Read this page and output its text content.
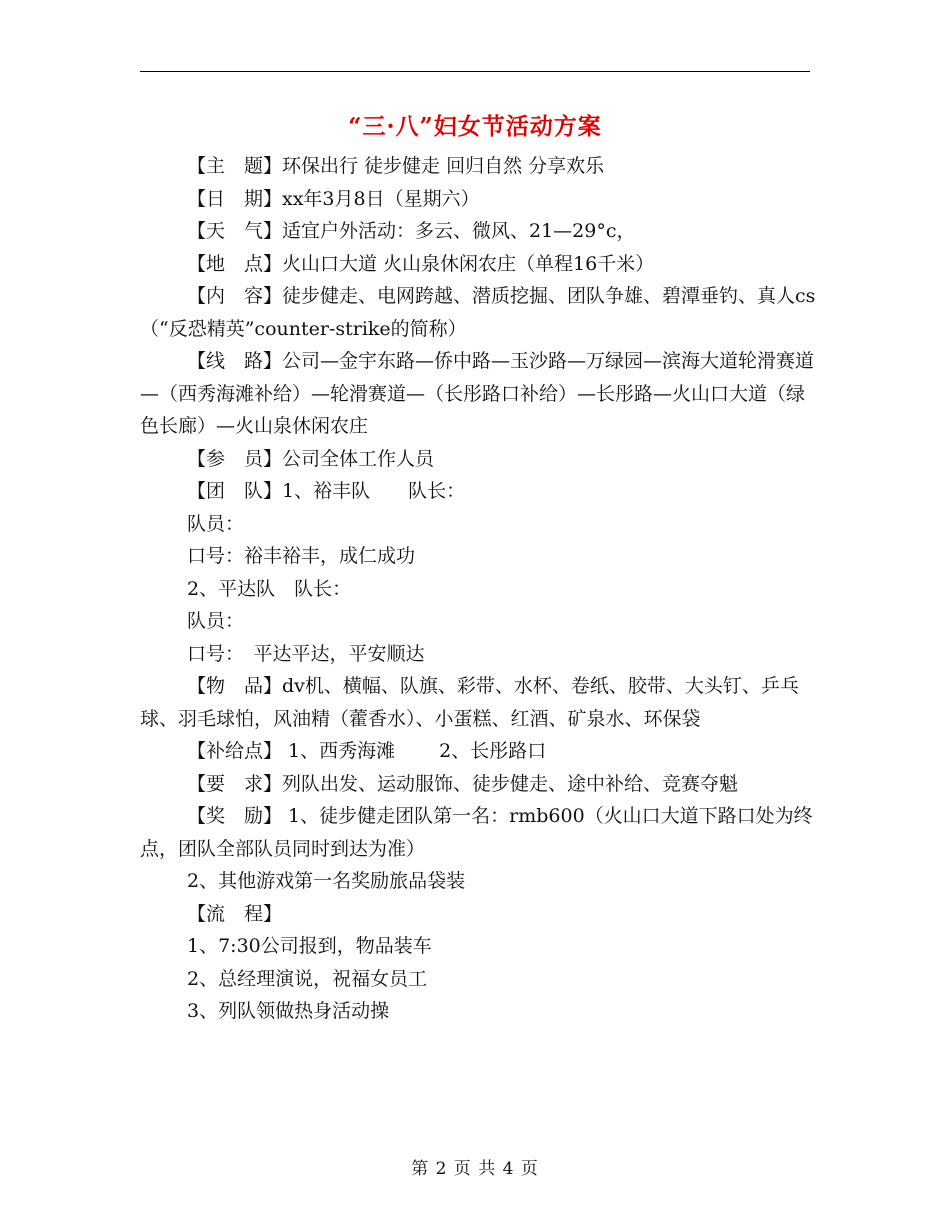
“三·八”妇女节活动方案

【主　题】环保出行 徒步健走 回归自然 分享欢乐

【日　期】xx年3月8日（星期六）

【天　气】适宜户外活动：多云、微风、21—29°c，

【地　点】火山口大道 火山泉休闲农庄（单程16千米）

【内　容】徒步健走、电网跨越、潜质挖掘、团队争雄、碧潭垂钓、真人cs（“反恐精英”counter-strike的简称）

【线　路】公司—金宇东路—侨中路—玉沙路—万绿园—滨海大道轮滑赛道—（西秀海滩补给）—轮滑赛道—（长彤路口补给）—长彤路—火山口大道（绿色长廊）—火山泉休闲农庄

【参　员】公司全体工作人员

【团　队】1、裕丰队　　队长：

队员：

口号：裕丰裕丰，成仁成功

2、平达队　队长：

队员：

口号：　平达平达，平安顺达

【物　品】dv机、横幅、队旗、彩带、水杯、卷纸、胶带、大头钉、乒乓球、羽毛球怕，风油精（藿香水）、小蛋糕、红酒、矿泉水、环保袋

【补给点】 1、西秀海滩　　 2、长彤路口

【要　求】列队出发、运动服饰、徒步健走、途中补给、竞赛夺魁

【奖　励】 1、徒步健走团队第一名：rmb600（火山口大道下路口处为终点，团队全部队员同时到达为准）

2、其他游戏第一名奖励旅品袋装

【流　程】

1、7:30公司报到，物品装车

2、总经理演说，祝福女员工

3、列队领做热身活动操

第 2 页 共 4 页
